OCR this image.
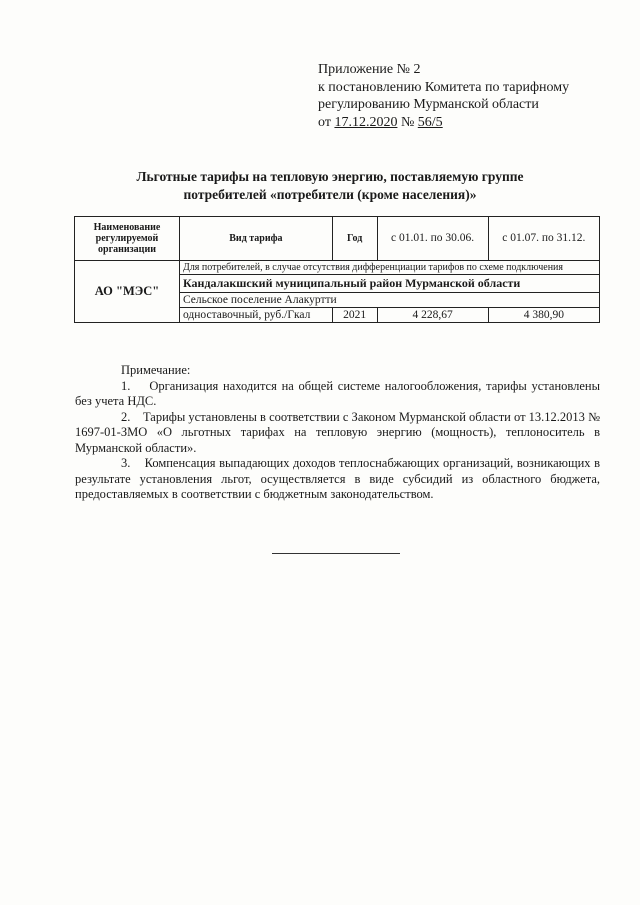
Приложение № 2
к постановлению Комитета по тарифному
регулированию Мурманской области
от 17.12.2020 № 56/5
Льготные тарифы на тепловую энергию, поставляемую группе
потребителей «потребители (кроме населения)»
Наименование регулируемой организации	Вид тарифа	Год	с 01.01. по 30.06.	с 01.07. по 31.12.
АО "МЭС"	Для потребителей, в случае отсутствия дифференциации тарифов по схеме подключения			
	Кандалакшский муниципальный район Мурманской области			
	Сельское поселение Алакуртти			
	одноставочный, руб./Гкал	2021	4 228,67	4 380,90

Примечание:

1.    Организация находится на общей системе налогообложения, тарифы установлены без учета НДС.

2.    Тарифы установлены в соответствии с Законом Мурманской области от 13.12.2013 № 1697-01-ЗМО «О льготных тарифах на тепловую энергию (мощность), теплоноситель в Мурманской области».

3.    Компенсация выпадающих доходов теплоснабжающих организаций, возникающих в результате установления льгот, осуществляется в виде субсидий из областного бюджета, предоставляемых в соответствии с бюджетным законодательством.
